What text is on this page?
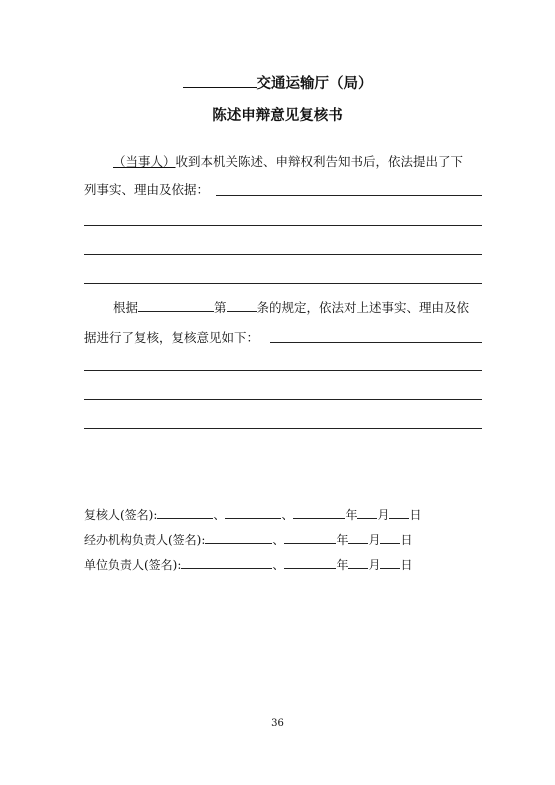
交通运输厅（局）
陈述申辩意见复核书
（当事人）收到本机关陈述、申辩权利告知书后，依法提出了下
列事实、理由及依据：
根据	第 条的规定，依法对上述事实、理由及依
据进行了复核，复核意见如下：
复核人(签名):	、	、	年 月 日
经办机构负责人(签名):	、	年 月 日
单位负责人(签名):	、	年 月 日
36
